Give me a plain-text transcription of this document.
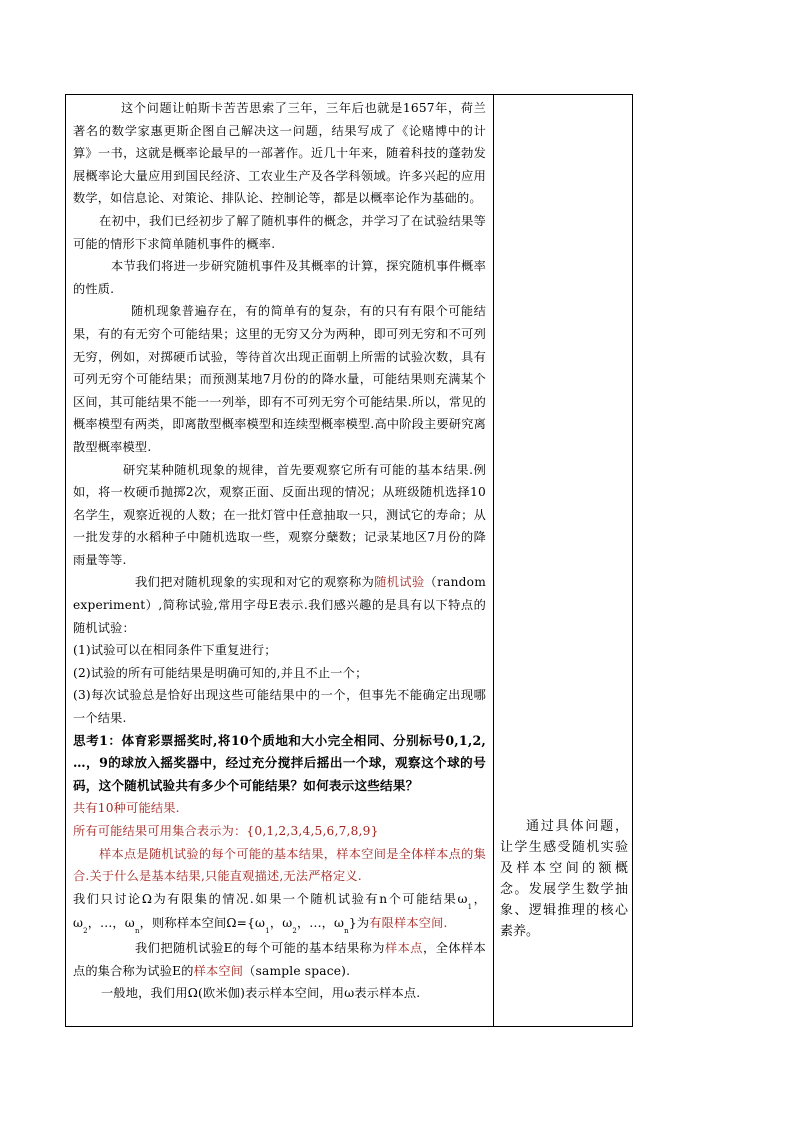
这个问题让帕斯卡苦苦思索了三年，三年后也就是1657年，荷兰著名的数学家惠更斯企图自己解决这一问题，结果写成了《论赌博中的计算》一书，这就是概率论最早的一部著作。近几十年来，随着科技的蓬勃发展概率论大量应用到国民经济、工农业生产及各学科领域。许多兴起的应用数学，如信息论、对策论、排队论、控制论等，都是以概率论作为基础的。

在初中，我们已经初步了解了随机事件的概念，并学习了在试验结果等可能的情形下求简单随机事件的概率.

本节我们将进一步研究随机事件及其概率的计算，探究随机事件概率的性质.

随机现象普遍存在，有的简单有的复杂，有的只有有限个可能结果，有的有无穷个可能结果；这里的无穷又分为两种，即可列无穷和不可列无穷，例如，对掷硬币试验，等待首次出现正面朝上所需的试验次数，具有可列无穷个可能结果；而预测某地7月份的的降水量，可能结果则充满某个区间，其可能结果不能一一列举，即有不可列无穷个可能结果.所以，常见的概率模型有两类，即离散型概率模型和连续型概率模型.高中阶段主要研究离散型概率模型.

研究某种随机现象的规律，首先要观察它所有可能的基本结果.例如，将一枚硬币抛掷2次，观察正面、反面出现的情况；从班级随机选择10名学生，观察近视的人数；在一批灯管中任意抽取一只，测试它的寿命；从一批发芽的水稻种子中随机选取一些，观察分蘖数；记录某地区7月份的降雨量等等.

我们把对随机现象的实现和对它的观察称为随机试验（random experiment）,简称试验,常用字母E表示.我们感兴趣的是具有以下特点的随机试验：

(1)试验可以在相同条件下重复进行；

(2)试验的所有可能结果是明确可知的,并且不止一个；

(3)每次试验总是恰好出现这些可能结果中的一个，但事先不能确定出现哪一个结果.

思考1：体育彩票摇奖时,将10个质地和大小完全相同、分别标号0,1,2, …，9的球放入摇奖器中，经过充分搅拌后摇出一个球，观察这个球的号码，这个随机试验共有多少个可能结果？如何表示这些结果？

共有10种可能结果.

所有可能结果可用集合表示为：{0,1,2,3,4,5,6,7,8,9}

样本点是随机试验的每个可能的基本结果，样本空间是全体样本点的集合.关于什么是基本结果,只能直观描述,无法严格定义.

我们只讨论Ω为有限集的情况.如果一个随机试验有n个可能结果$\omega_1$，$\omega_2$，...，$\omega_n$，则称样本空间$\Omega=\{\omega_1$，$\omega_2$，...，$\omega_n$}为有限样本空间.

我们把随机试验E的每个可能的基本结果称为样本点，全体样本点的集合称为试验E的样本空间（sample space).

一般地，我们用Ω(欧米伽)表示样本空间，用ω表示样本点.

通过具体问题，让学生感受随机实验及样本空间的额概念。发展学生数学抽象、逻辑推理的核心素养。
